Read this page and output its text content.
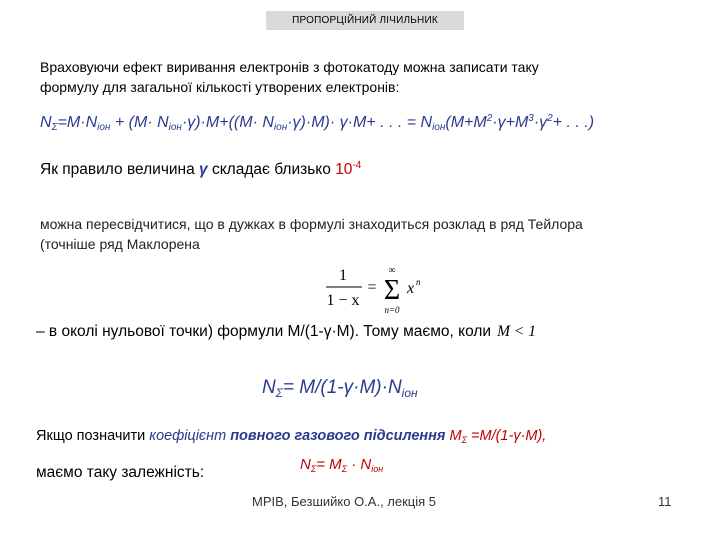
ПРОПОРЦІЙНИЙ ЛІЧИЛЬНИК
Враховуючи ефект виривання електронів з фотокатоду можна записати таку
формулу для загальної кількості утворених електронів:
$N_\Sigma=M\cdot N_{іон} + (M\cdot N_{іон}\cdot\gamma)\cdot M+((M\cdot N_{іон}\cdot\gamma)\cdot M)\cdot \gamma\cdot M+$ . . . = $N_{іон}(M+M^2\cdot\gamma+M^3\cdot\gamma^2+$ . . .)
Як правило величина γ складає близько $10^{-4}$
можна пересвідчитися, що в дужках в формулі знаходиться розклад в ряд Тейлора
(точніше ряд Маклорена
1
1 − x
=
∞
Σ
n=0
x n
– в околі нульової точки) формули M/(1-γ·M). Тому маємо, коли M < 1
$N_\Sigma= M/(1-\gamma\cdot M)\cdot N_{іон}$
Якщо позначити коефіцієнт повного газового підсилення $M_\Sigma =M/(1-\gamma\cdot M)$,
маємо таку залежність:	$N_\Sigma= M_\Sigma \cdot N_{іон}$
МРІВ, Безшийко О.А., лекція 5	11
